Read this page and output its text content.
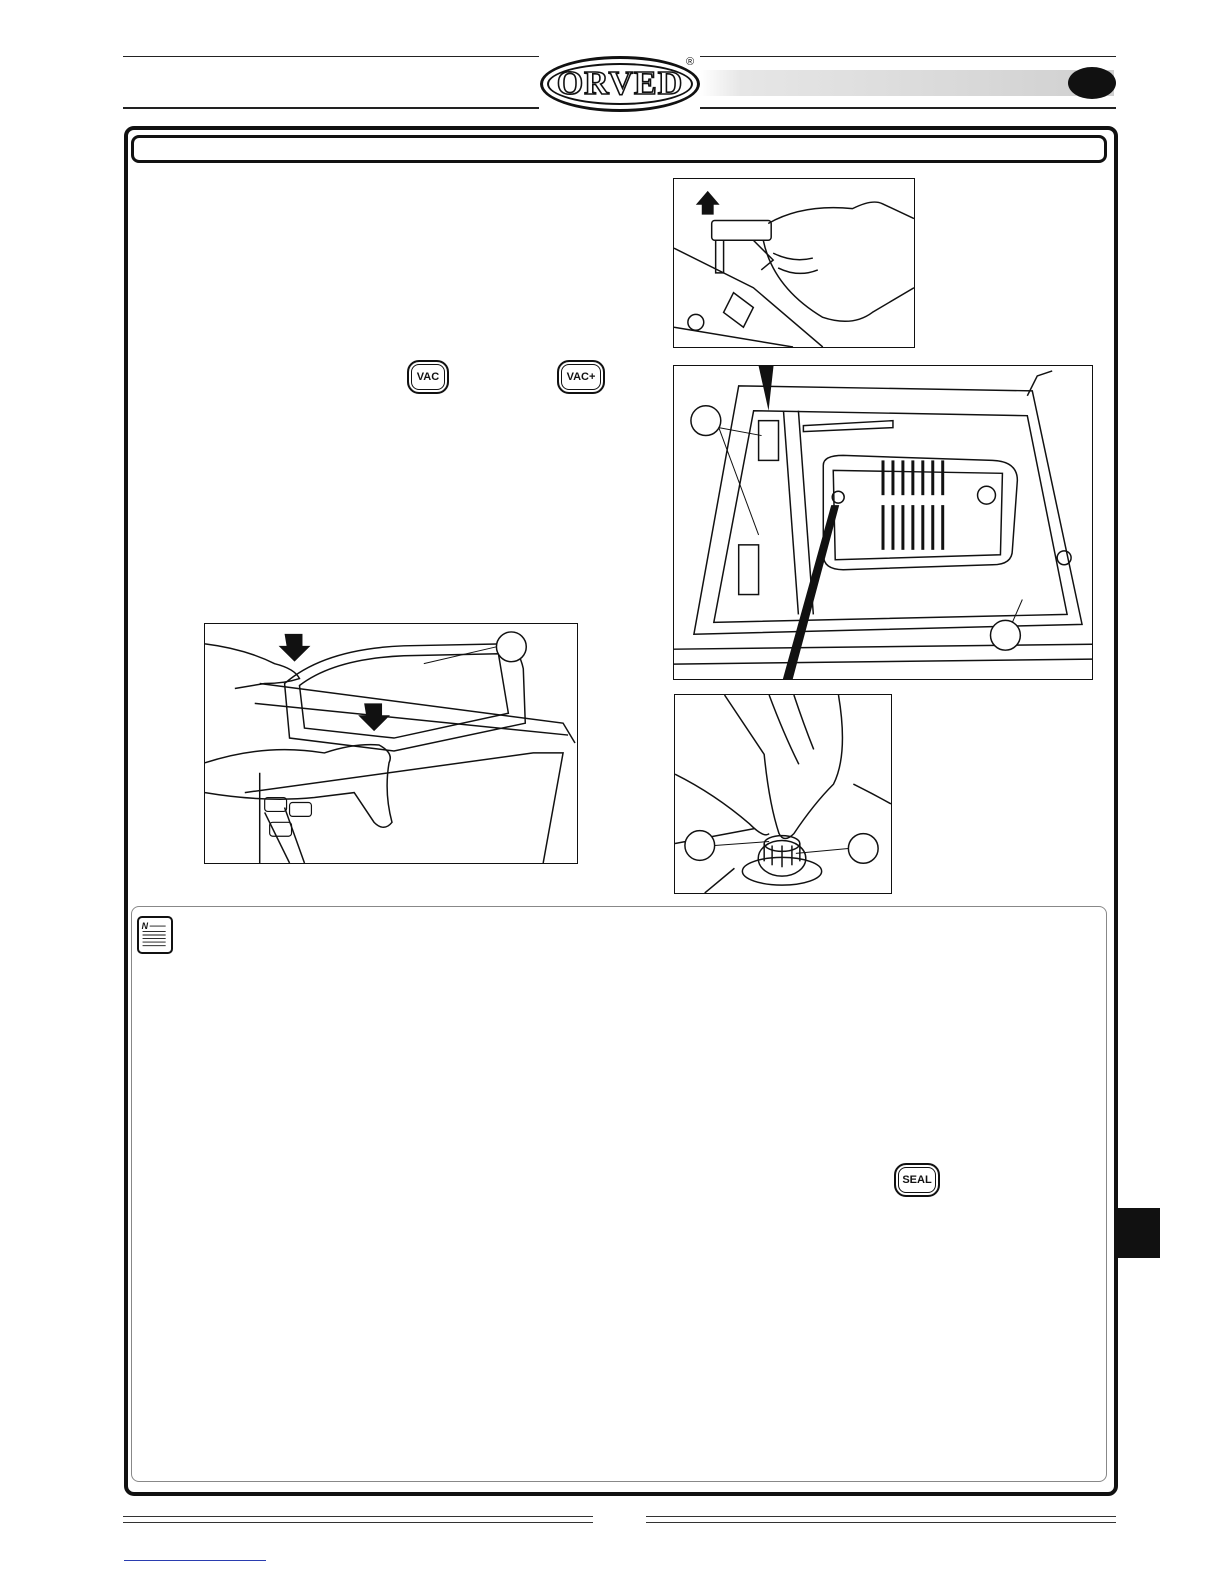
ORVED
®
VAC	VAC+
N
SEAL
